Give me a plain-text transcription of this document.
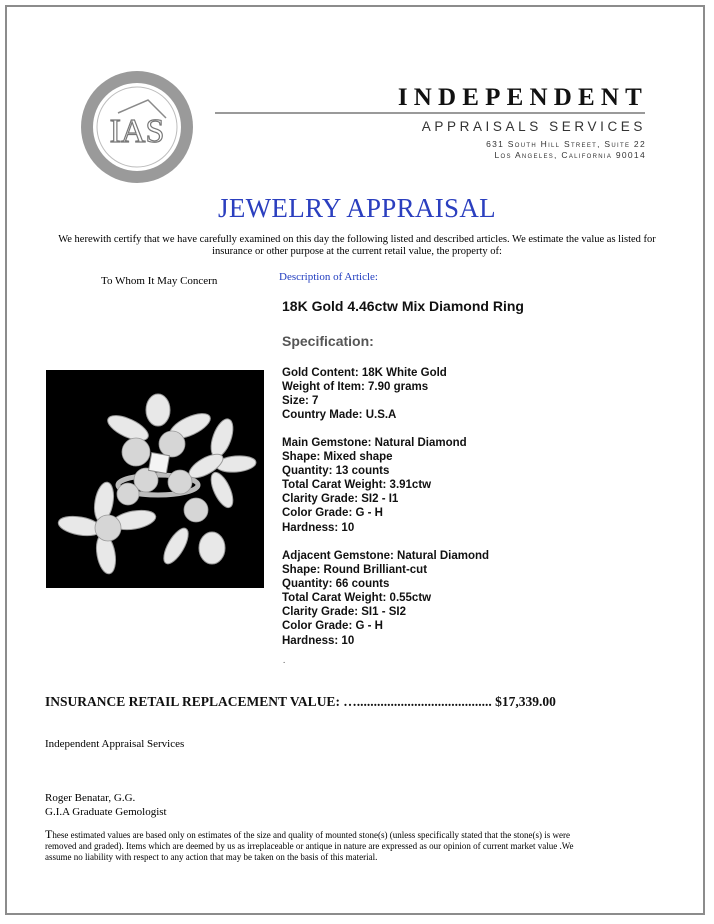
IAS
Appraisal
INDEPENDENT
APPRAISALS SERVICES
631 South Hill Street, Suite 22
Los Angeles, California 90014
JEWELRY APPRAISAL
We herewith certify that we have carefully examined on this day the following listed and described articles. We estimate the value as listed for insurance or other purpose at the current retail value, the property of:
To Whom It May Concern	Description of Article:
18K Gold 4.46ctw Mix Diamond Ring
Specification:
Gold Content: 18K White Gold
Weight of Item: 7.90 grams
Size: 7
Country Made: U.S.A
Main Gemstone: Natural Diamond
Shape: Mixed shape
Quantity: 13 counts
Total Carat Weight: 3.91ctw
Clarity Grade: SI2 - I1
Color Grade: G - H
Hardness: 10
Adjacent Gemstone: Natural Diamond
Shape: Round Brilliant-cut
Quantity: 66 counts
Total Carat Weight: 0.55ctw
Clarity Grade: SI1 - SI2
Color Grade: G - H
Hardness: 10
.
INSURANCE RETAIL REPLACEMENT VALUE: …........................................ $17,339.00
Independent Appraisal Services
Roger Benatar, G.G.
G.I.A Graduate Gemologist
These estimated values are based only on estimates of the size and quality of mounted stone(s) (unless specifically stated that the stone(s) is were removed and graded). Items which are deemed by us as irreplaceable or antique in nature are expressed as our opinion of current market value .We assume no liability with respect to any action that may be taken on the basis of this material.
